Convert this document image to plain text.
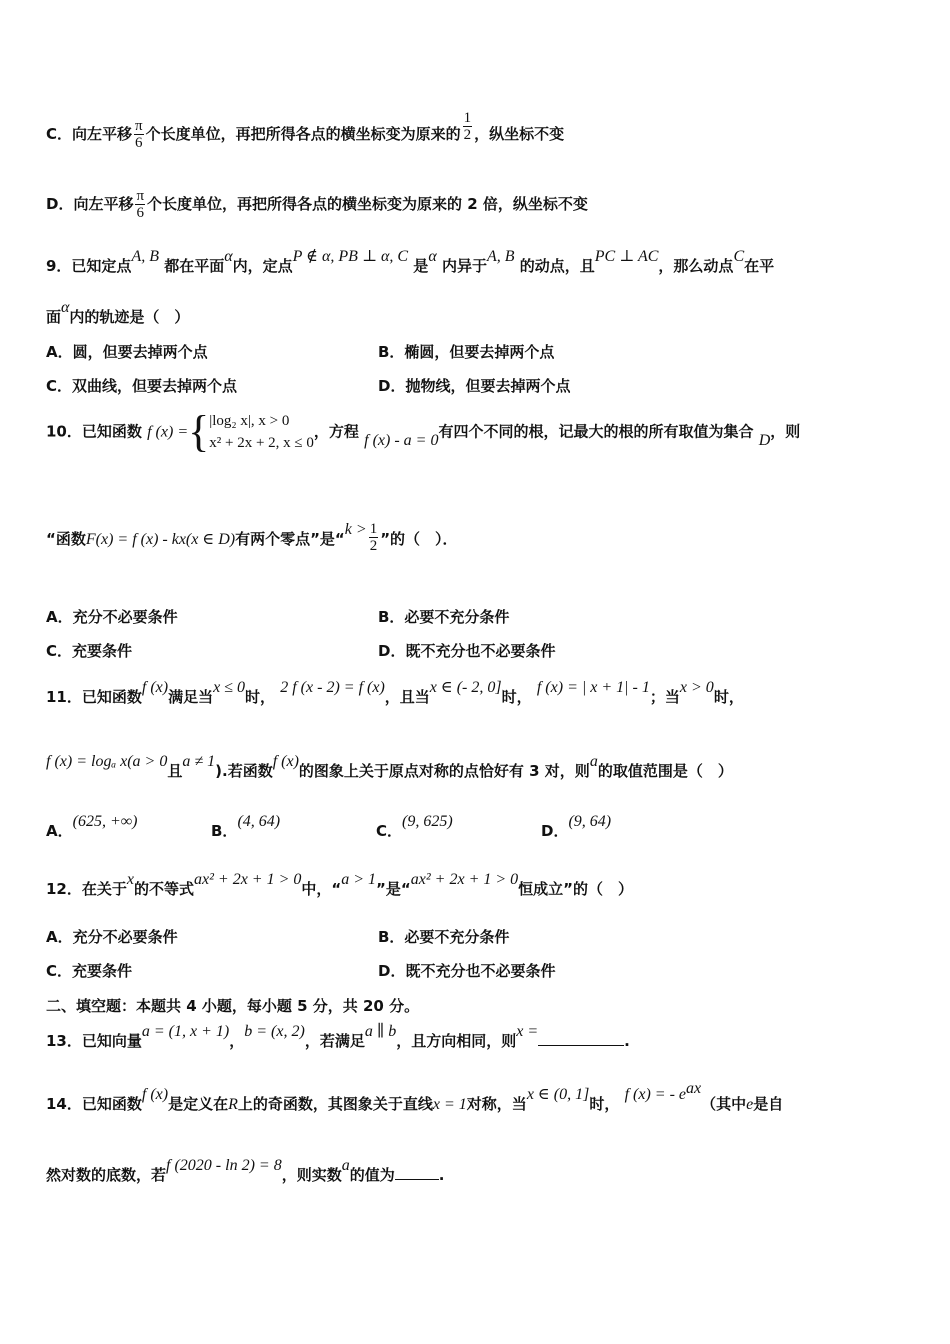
C．向左平移 $\frac{\pi}{6}$ 个长度单位，再把所得各点的横坐标变为原来的 $\frac{1}{2}$ ，纵坐标不变
D．向左平移 $\frac{\pi}{6}$ 个长度单位，再把所得各点的横坐标变为原来的 2 倍，纵坐标不变
9．已知定点A, B 都在平面α内，定点P ∉ α, PB ⊥ α, C 是α 内异于A, B 的动点，且PC ⊥ AC，那么动点C在平
面α内的轨迹是（　）
A．圆，但要去掉两个点	B．椭圆，但要去掉两个点
C．双曲线，但要去掉两个点	D．抛物线，但要去掉两个点
10．已知函数 f (x) ={ |log₂ x|, x > 0
x² + 2x + 2, x ≤ 0
，方程 f (x) - a = 0有四个不同的根，记最大的根的所有取值为集合 D，则
“函数F(x) = f (x) - kx(x ∈ D)有两个零点”是“$k > \frac{1}{2}$ ”的（　）．
A．充分不必要条件	B．必要不充分条件
C．充要条件	D．既不充分也不必要条件
11．已知函数f (x)满足当x ≤ 0时， 2 f (x - 2) = f (x)，且当x ∈ (- 2, 0]时， f (x) = | x + 1| - 1；当x > 0时，
f (x) = logₐ x(a > 0且a ≠ 1).若函数f (x)的图象上关于原点对称的点恰好有 3 对，则a的取值范围是（　）
A．(625, +∞)
B．(4, 64)
C．(9, 625)
D．(9, 64)
12．在关于x的不等式ax² + 2x + 1 > 0中，“a > 1”是“ax² + 2x + 1 > 0恒成立”的（　）
A．充分不必要条件	B．必要不充分条件
C．充要条件	D．既不充分也不必要条件
二、填空题：本题共 4 小题，每小题 5 分，共 20 分。
13．已知向量a = (1, x + 1)，b = (x, 2)，若满足a ∥ b，且方向相同，则x =.
14．已知函数f (x)是定义在R上的奇函数，其图象关于直线x = 1对称，当x ∈ (0, 1]时， f (x) = - $e^{ax}$（其中e是自
然对数的底数，若f (2020 - ln 2) = 8，则实数a的值为	.
